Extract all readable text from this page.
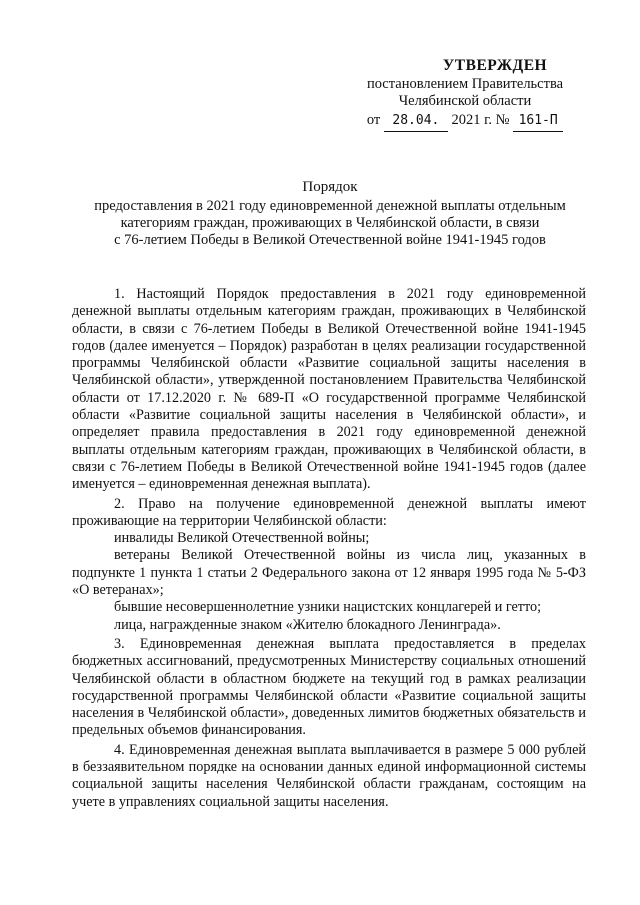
УТВЕРЖДЕН
постановлением Правительства
Челябинской области
от 28.04. 2021 г. № 161-П
Порядок
предоставления в 2021 году единовременной денежной выплаты отдельным
категориям граждан, проживающих в Челябинской области, в связи
с 76-летием Победы в Великой Отечественной войне 1941-1945 годов

1. Настоящий Порядок предоставления в 2021 году единовременной денежной выплаты отдельным категориям граждан, проживающих в Челябинской области, в связи с 76-летием Победы в Великой Отечественной войне 1941-1945 годов (далее именуется – Порядок) разработан в целях реализации государственной программы Челябинской области «Развитие социальной защиты населения в Челябинской области», утвержденной постановлением Правительства Челябинской области от 17.12.2020 г. № 689-П «О государственной программе Челябинской области «Развитие социальной защиты населения в Челябинской области», и определяет правила предоставления в 2021 году единовременной денежной выплаты отдельным категориям граждан, проживающих в Челябинской области, в связи с 76-летием Победы в Великой Отечественной войне 1941-1945 годов (далее именуется – единовременная денежная выплата).

2. Право на получение единовременной денежной выплаты имеют проживающие на территории Челябинской области:

инвалиды Великой Отечественной войны;

ветераны Великой Отечественной войны из числа лиц, указанных в подпункте 1 пункта 1 статьи 2 Федерального закона от 12 января 1995 года № 5-ФЗ «О ветеранах»;

бывшие несовершеннолетние узники нацистских концлагерей и гетто;

лица, награжденные знаком «Жителю блокадного Ленинграда».

3. Единовременная денежная выплата предоставляется в пределах бюджетных ассигнований, предусмотренных Министерству социальных отношений Челябинской области в областном бюджете на текущий год в рамках реализации государственной программы Челябинской области «Развитие социальной защиты населения в Челябинской области», доведенных лимитов бюджетных обязательств и предельных объемов финансирования.

4. Единовременная денежная выплата выплачивается в размере 5 000 рублей в беззаявительном порядке на основании данных единой информационной системы социальной защиты населения Челябинской области гражданам, состоящим на учете в управлениях социальной защиты населения.
